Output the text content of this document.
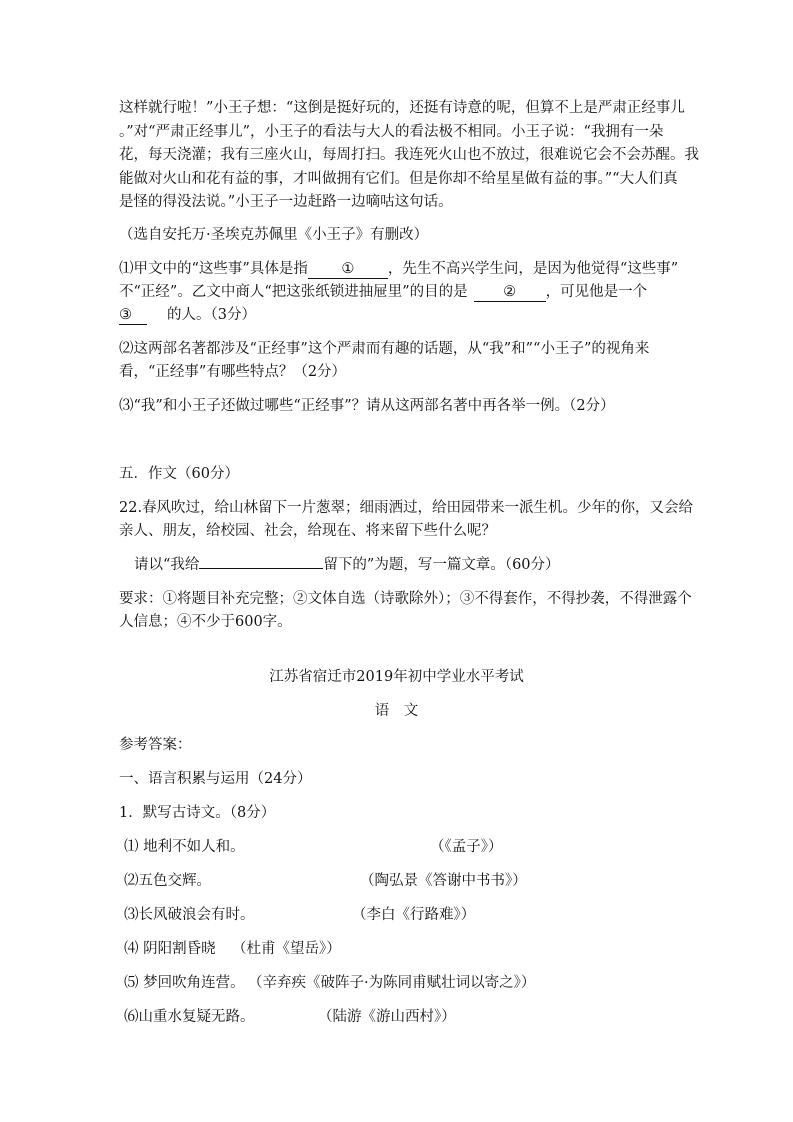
这样就行啦！”小王子想：“这倒是挺好玩的，还挺有诗意的呢，但算不上是严肃正经事儿

。”对“严肃正经事儿”，小王子的看法与大人的看法极不相同。小王子说：“我拥有一朵

花，每天浇灌；我有三座火山，每周打扫。我连死火山也不放过，很难说它会不会苏醒。我

能做对火山和花有益的事，才叫做拥有它们。但是你却不给星星做有益的事。”“大人们真

是怪的得没法说。”小王子一边赶路一边嘀咕这句话。

（选自安托万·圣埃克苏佩里《小王子》有删改）

⑴甲文中的“这些事”具体是指 ① ，先生不高兴学生问，是因为他觉得“这些事”

不“正经”。乙文中商人“把这张纸锁进抽屉里”的目的是 ② ，可见他是一个

③ 的人。（3分）

⑵这两部名著都涉及“正经事”这个严肃而有趣的话题，从“我”和”“小王子”的视角来

看，“正经事”有哪些特点？（2分）

⑶“我”和小王子还做过哪些“正经事”？请从这两部名著中再各举一例。（2分）

五．作文（60分）

22.春风吹过，给山林留下一片葱翠；细雨洒过，给田园带来一派生机。少年的你，又会给

亲人、朋友，给校园、社会，给现在、将来留下些什么呢？

请以“我给	留下的”为题，写一篇文章。（60分）

要求：①将题目补充完整；②文体自选（诗歌除外）；③不得套作，不得抄袭，不得泄露个

人信息；④不少于600字。

江苏省宿迁市2019年初中学业水平考试

语　文

参考答案：

一、语言积累与运用（24分）

1．默写古诗文。（8分）

⑴ 地利不如人和。	（《孟子》）
⑵五色交辉。	（陶弘景《答谢中书书》）
⑶长风破浪会有时。	（李白《行路难》）
⑷ 阴阳割昏晓 （杜甫《望岳》）
⑸ 梦回吹角连营。 （辛弃疾《破阵子·为陈同甫赋壮词以寄之》）
⑹山重水复疑无路。	（陆游《游山西村》）
